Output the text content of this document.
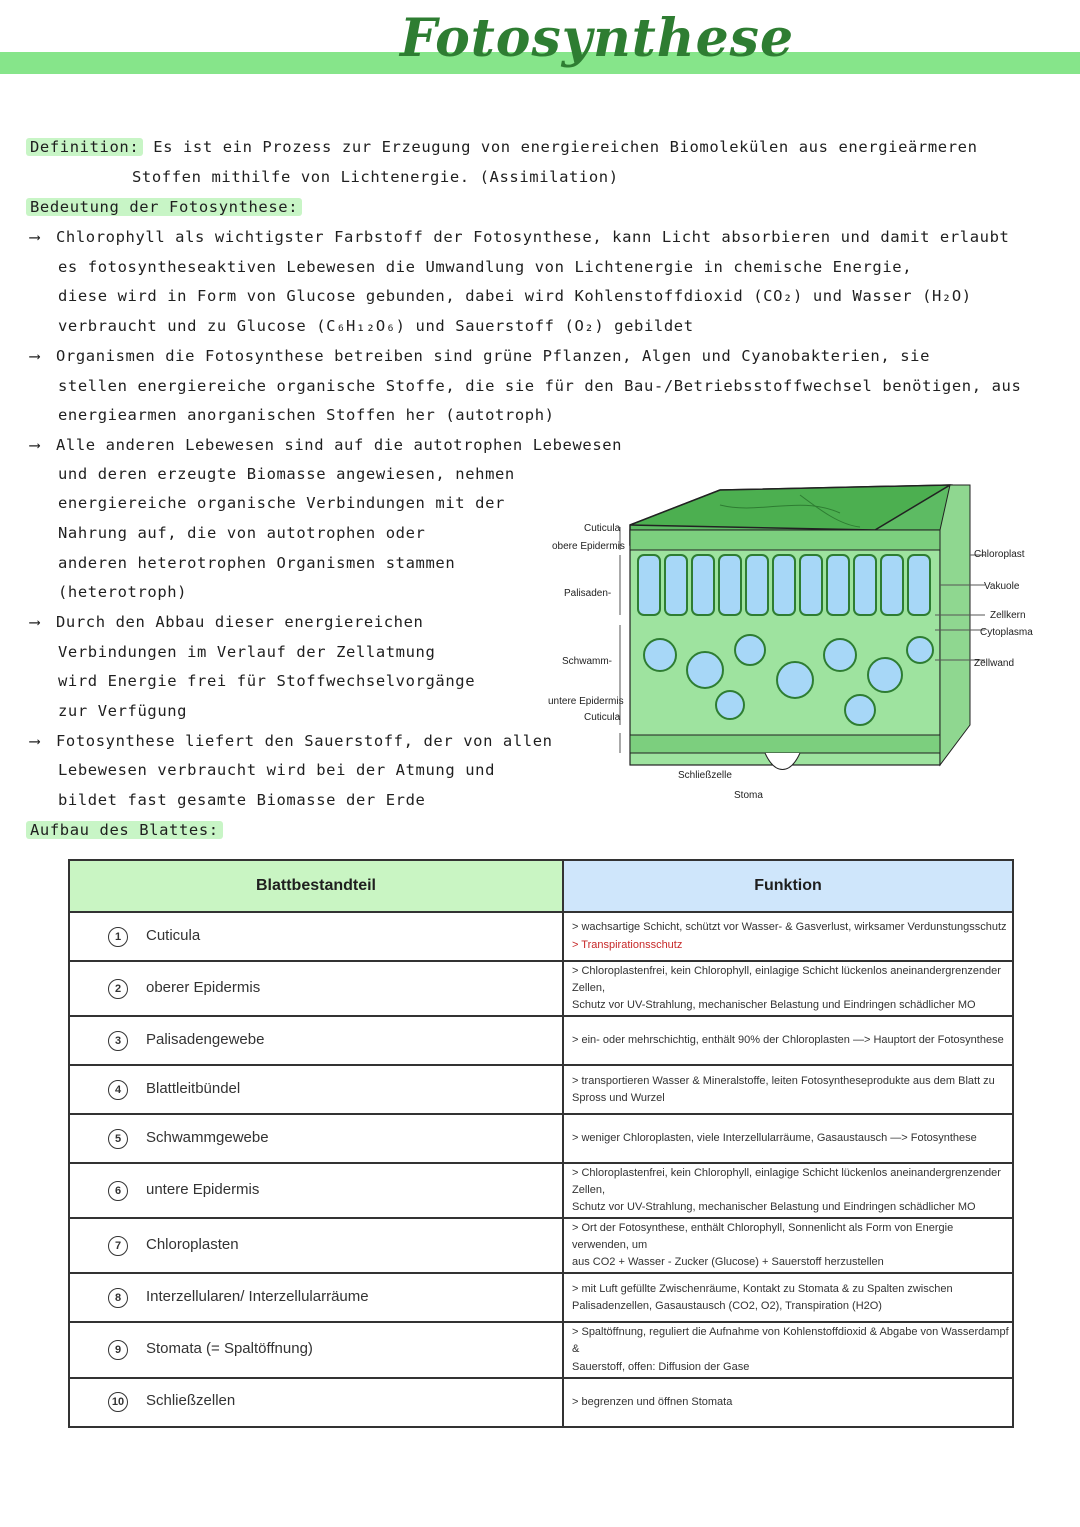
Fotosynthese
Definition: Es ist ein Prozess zur Erzeugung von energiereichen Biomolekülen aus energieärmeren
Stoffen mithilfe von Lichtenergie. (Assimilation)
Bedeutung der Fotosynthese:
⟶ Chlorophyll als wichtigster Farbstoff der Fotosynthese, kann Licht absorbieren und damit erlaubt
es fotosyntheseaktiven Lebewesen die Umwandlung von Lichtenergie in chemische Energie,
diese wird in Form von Glucose gebunden, dabei wird Kohlenstoffdioxid (CO₂) und Wasser (H₂O)
verbraucht und zu Glucose (C₆H₁₂O₆) und Sauerstoff (O₂) gebildet
⟶ Organismen die Fotosynthese betreiben sind grüne Pflanzen, Algen und Cyanobakterien, sie
stellen energiereiche organische Stoffe, die sie für den Bau-/Betriebsstoffwechsel benötigen, aus
energiearmen anorganischen Stoffen her (autotroph)
⟶ Alle anderen Lebewesen sind auf die autotrophen Lebewesen
und deren erzeugte Biomasse angewiesen, nehmen
energiereiche organische Verbindungen mit der
Nahrung auf, die von autotrophen oder
anderen heterotrophen Organismen stammen
(heterotroph)
⟶ Durch den Abbau dieser energiereichen
Verbindungen im Verlauf der Zellatmung
wird Energie frei für Stoffwechselvorgänge
zur Verfügung
⟶ Fotosynthese liefert den Sauerstoff, der von allen
Lebewesen verbraucht wird bei der Atmung und
bildet fast gesamte Biomasse der Erde
Aufbau des Blattes:
Cuticula
obere Epidermis
Palisaden-
Schwamm-
untere Epidermis
Cuticula
Chloroplast
Vakuole
Zellkern
Cytoplasma
Zellwand
Schließzelle
Stoma
Blattbestandteil	Funktion
1 Cuticula	> wachsartige Schicht, schützt vor Wasser- & Gasverlust, wirksamer Verdunstungsschutz
> Transpirationsschutz

2 oberer Epidermis	> Chloroplastenfrei, kein Chlorophyll, einlagige Schicht lückenlos aneinandergrenzender Zellen,
Schutz vor UV-Strahlung, mechanischer Belastung und Eindringen schädlicher MO

3 Palisadengewebe	> ein- oder mehrschichtig, enthält 90% der Chloroplasten —> Hauptort der Fotosynthese

4 Blattleitbündel	> transportieren Wasser & Mineralstoffe, leiten Fotosyntheseprodukte aus dem Blatt zu
Spross und Wurzel

5 Schwammgewebe	> weniger Chloroplasten, viele Interzellularräume, Gasaustausch —> Fotosynthese

6 untere Epidermis	> Chloroplastenfrei, kein Chlorophyll, einlagige Schicht lückenlos aneinandergrenzender Zellen,
Schutz vor UV-Strahlung, mechanischer Belastung und Eindringen schädlicher MO

7 Chloroplasten	> Ort der Fotosynthese, enthält Chlorophyll, Sonnenlicht als Form von Energie verwenden, um
aus CO2 + Wasser - Zucker (Glucose) + Sauerstoff herzustellen

8 Interzellularen/ Interzellularräume	> mit Luft gefüllte Zwischenräume, Kontakt zu Stomata & zu Spalten zwischen
Palisadenzellen, Gasaustausch (CO2, O2), Transpiration (H2O)

9 Stomata (= Spaltöffnung)	> Spaltöffnung, reguliert die Aufnahme von Kohlenstoffdioxid & Abgabe von Wasserdampf &
Sauerstoff, offen: Diffusion der Gase

10 Schließzellen	> begrenzen und öffnen Stomata
